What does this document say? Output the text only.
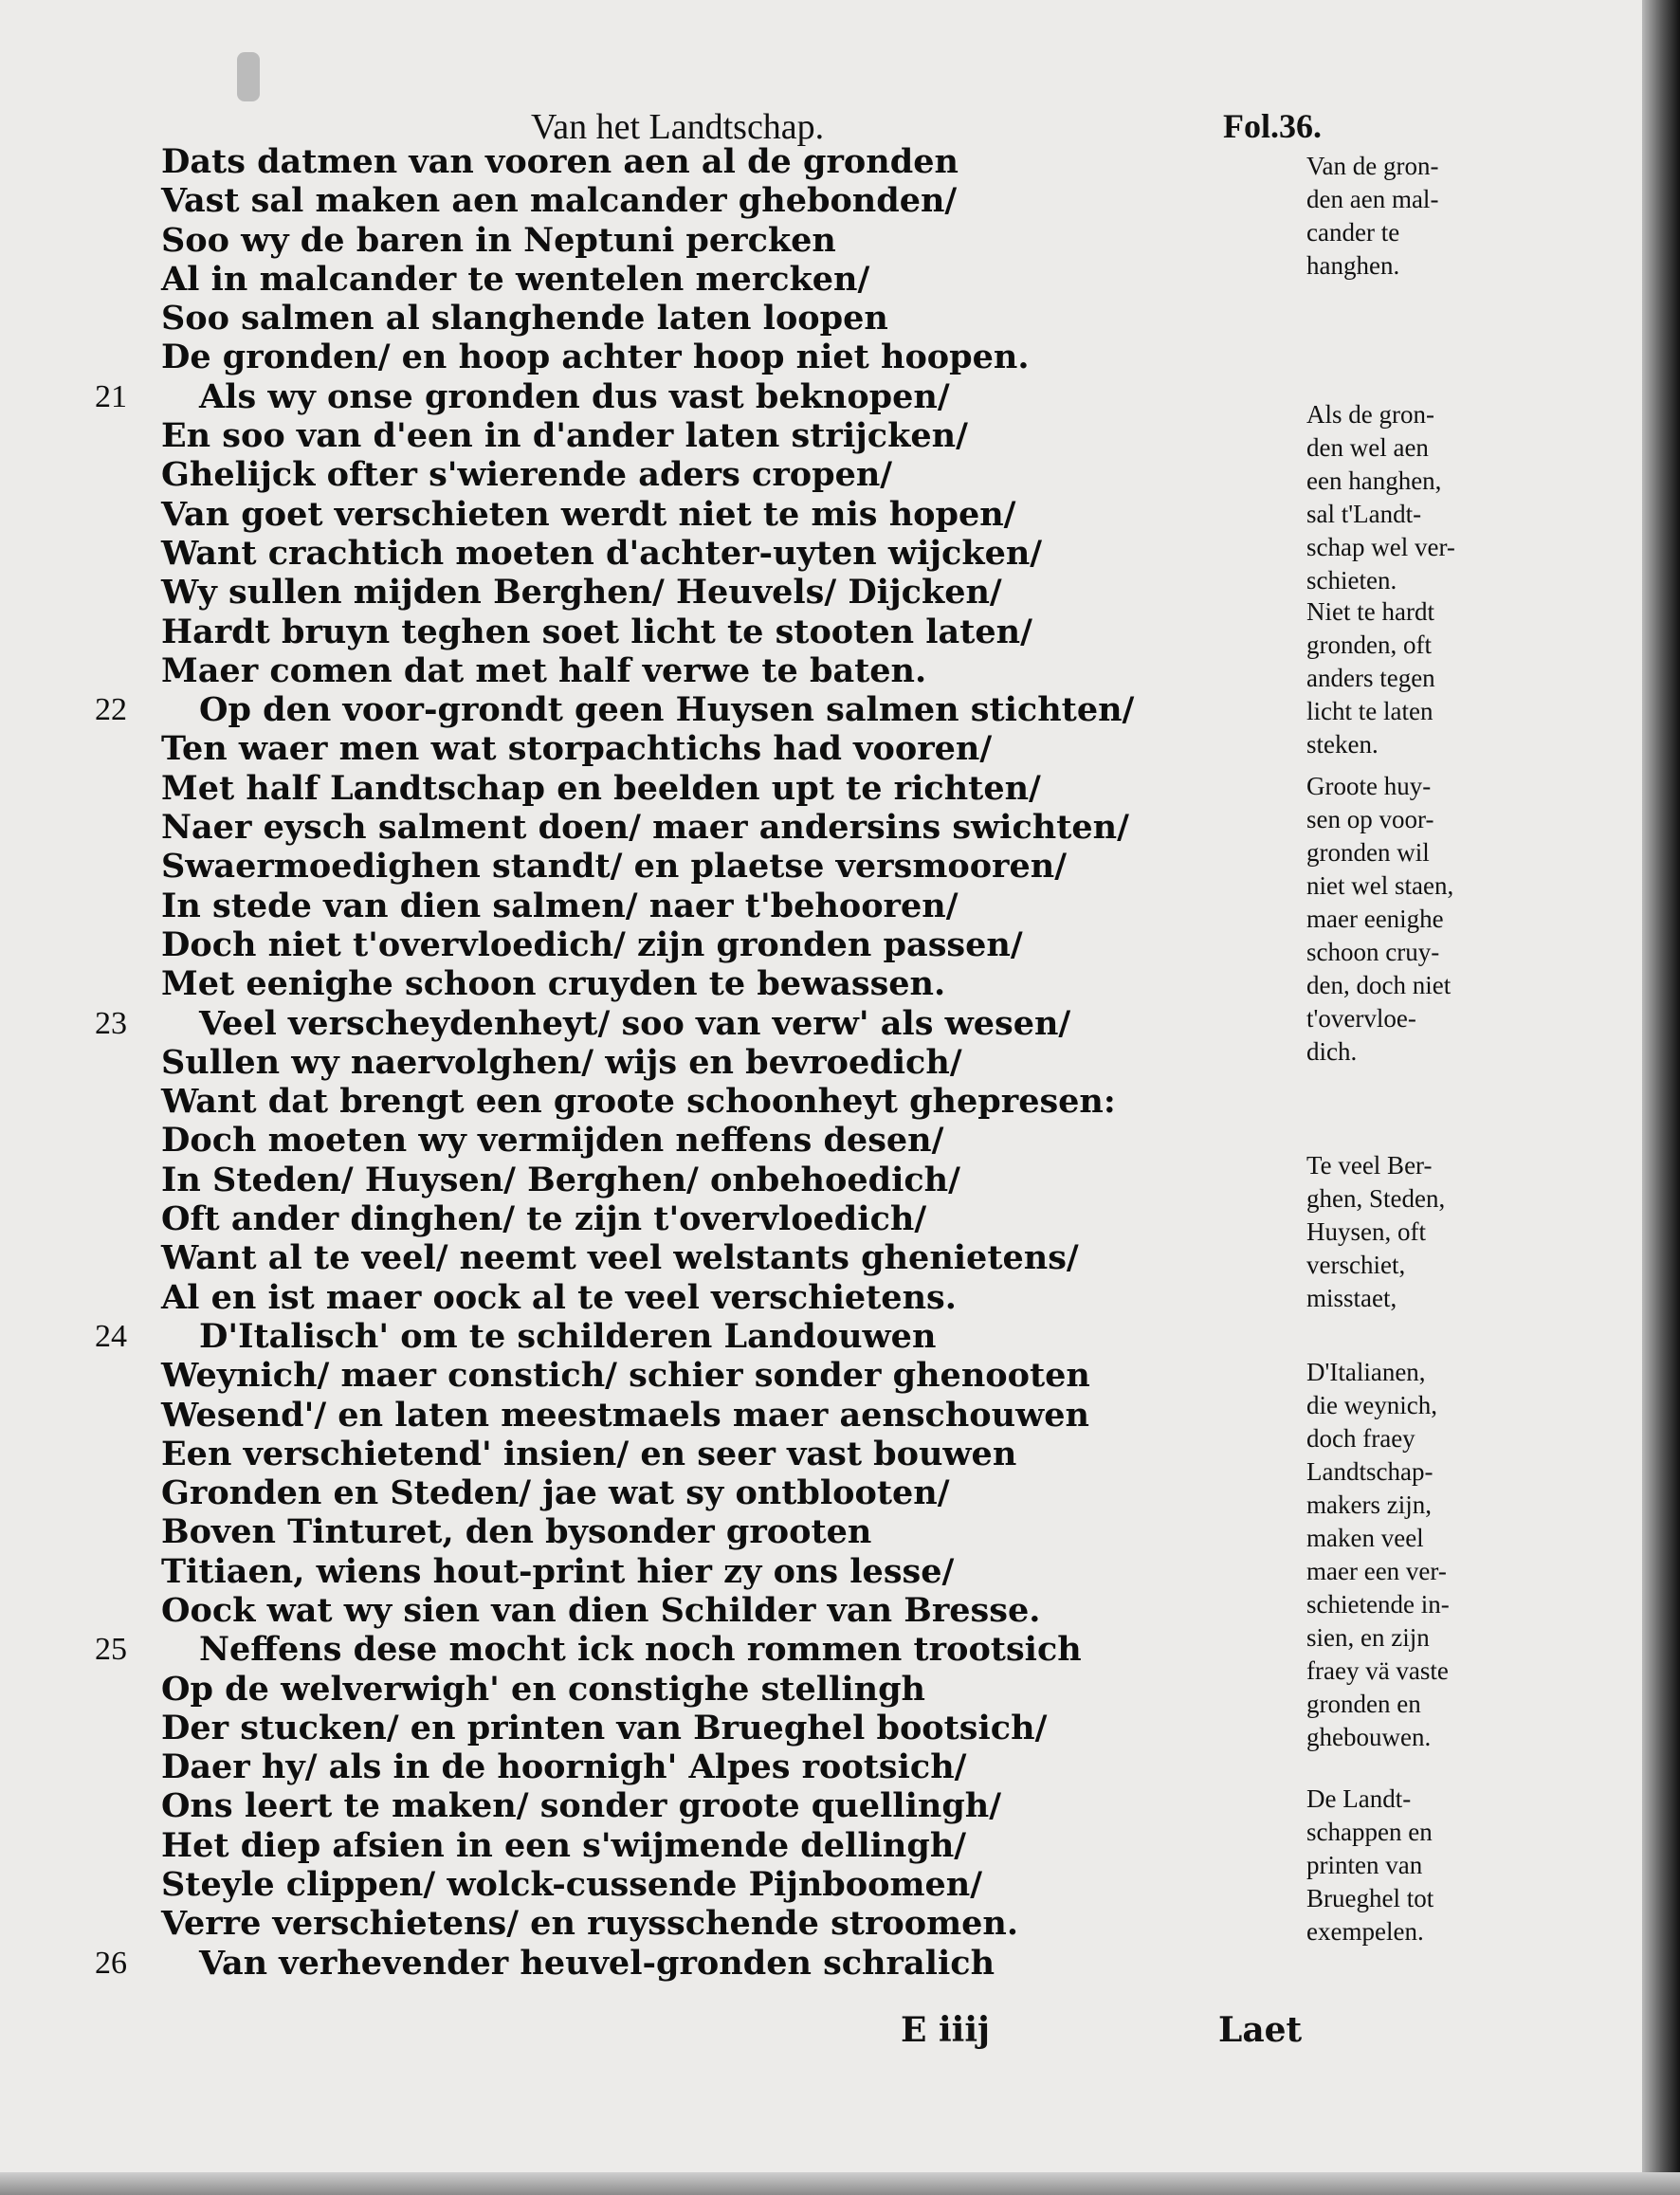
Van het Landtschap.	Fol.36.
Dats datmen van vooren aen al de gronden
Vast sal maken aen malcander ghebonden/
Soo wy de baren in Neptuni percken
Al in malcander te wentelen mercken/
Soo salmen al slanghende laten loopen
De gronden/ en hoop achter hoop niet hoopen.
21 Als wy onse gronden dus vast beknopen/
En soo van d'een in d'ander laten strijcken/
Ghelijck ofter s'wierende aders cropen/
Van goet verschieten werdt niet te mis hopen/
Want crachtich moeten d'achter-uyten wijcken/
Wy sullen mijden Berghen/ Heuvels/ Dijcken/
Hardt bruyn teghen soet licht te stooten laten/
Maer comen dat met half verwe te baten.
22 Op den voor-grondt geen Huysen salmen stichten/
Ten waer men wat storpachtichs had vooren/
Met half Landtschap en beelden upt te richten/
Naer eysch salment doen/ maer andersins swichten/
Swaermoedighen standt/ en plaetse versmooren/
In stede van dien salmen/ naer t'behooren/
Doch niet t'overvloedich/ zijn gronden passen/
Met eenighe schoon cruyden te bewassen.
23 Veel verscheydenheyt/ soo van verw' als wesen/
Sullen wy naervolghen/ wijs en bevroedich/
Want dat brengt een groote schoonheyt ghepresen:
Doch moeten wy vermijden neffens desen/
In Steden/ Huysen/ Berghen/ onbehoedich/
Oft ander dinghen/ te zijn t'overvloedich/
Want al te veel/ neemt veel welstants ghenietens/
Al en ist maer oock al te veel verschietens.
24 D'Italisch' om te schilderen Landouwen
Weynich/ maer constich/ schier sonder ghenooten
Wesend'/ en laten meestmaels maer aenschouwen
Een verschietend' insien/ en seer vast bouwen
Gronden en Steden/ jae wat sy ontblooten/
Boven Tinturet, den bysonder grooten
Titiaen, wiens hout-print hier zy ons lesse/
Oock wat wy sien van dien Schilder van Bresse.
25 Neffens dese mocht ick noch rommen trootsich
Op de welverwigh' en constighe stellingh
Der stucken/ en printen van Brueghel bootsich/
Daer hy/ als in de hoornigh' Alpes rootsich/
Ons leert te maken/ sonder groote quellingh/
Het diep afsien in een s'wijmende dellingh/
Steyle clippen/ wolck-cussende Pijnboomen/
Verre verschietens/ en ruysschende stroomen.
26 Van verhevender heuvel-gronden schralich

Van de gron-

den aen mal-

cander te

hanghen.

Als de gron-

den wel aen

een hanghen,

sal t'Landt-

schap wel ver-

schieten.

Niet te hardt

gronden, oft

anders tegen

licht te laten

steken.

Groote huy-

sen op voor-

gronden wil

niet wel staen,

maer eenighe

schoon cruy-

den, doch niet

t'overvloe-

dich.

Te veel Ber-

ghen, Steden,

Huysen, oft

verschiet,

misstaet,

D'Italianen,

die weynich,

doch fraey

Landtschap-

makers zijn,

maken veel

maer een ver-

schietende in-

sien, en zijn

fraey vä vaste

gronden en

ghebouwen.

De Landt-

schappen en

printen van

Brueghel tot

exempelen.

E iiij	Laet
